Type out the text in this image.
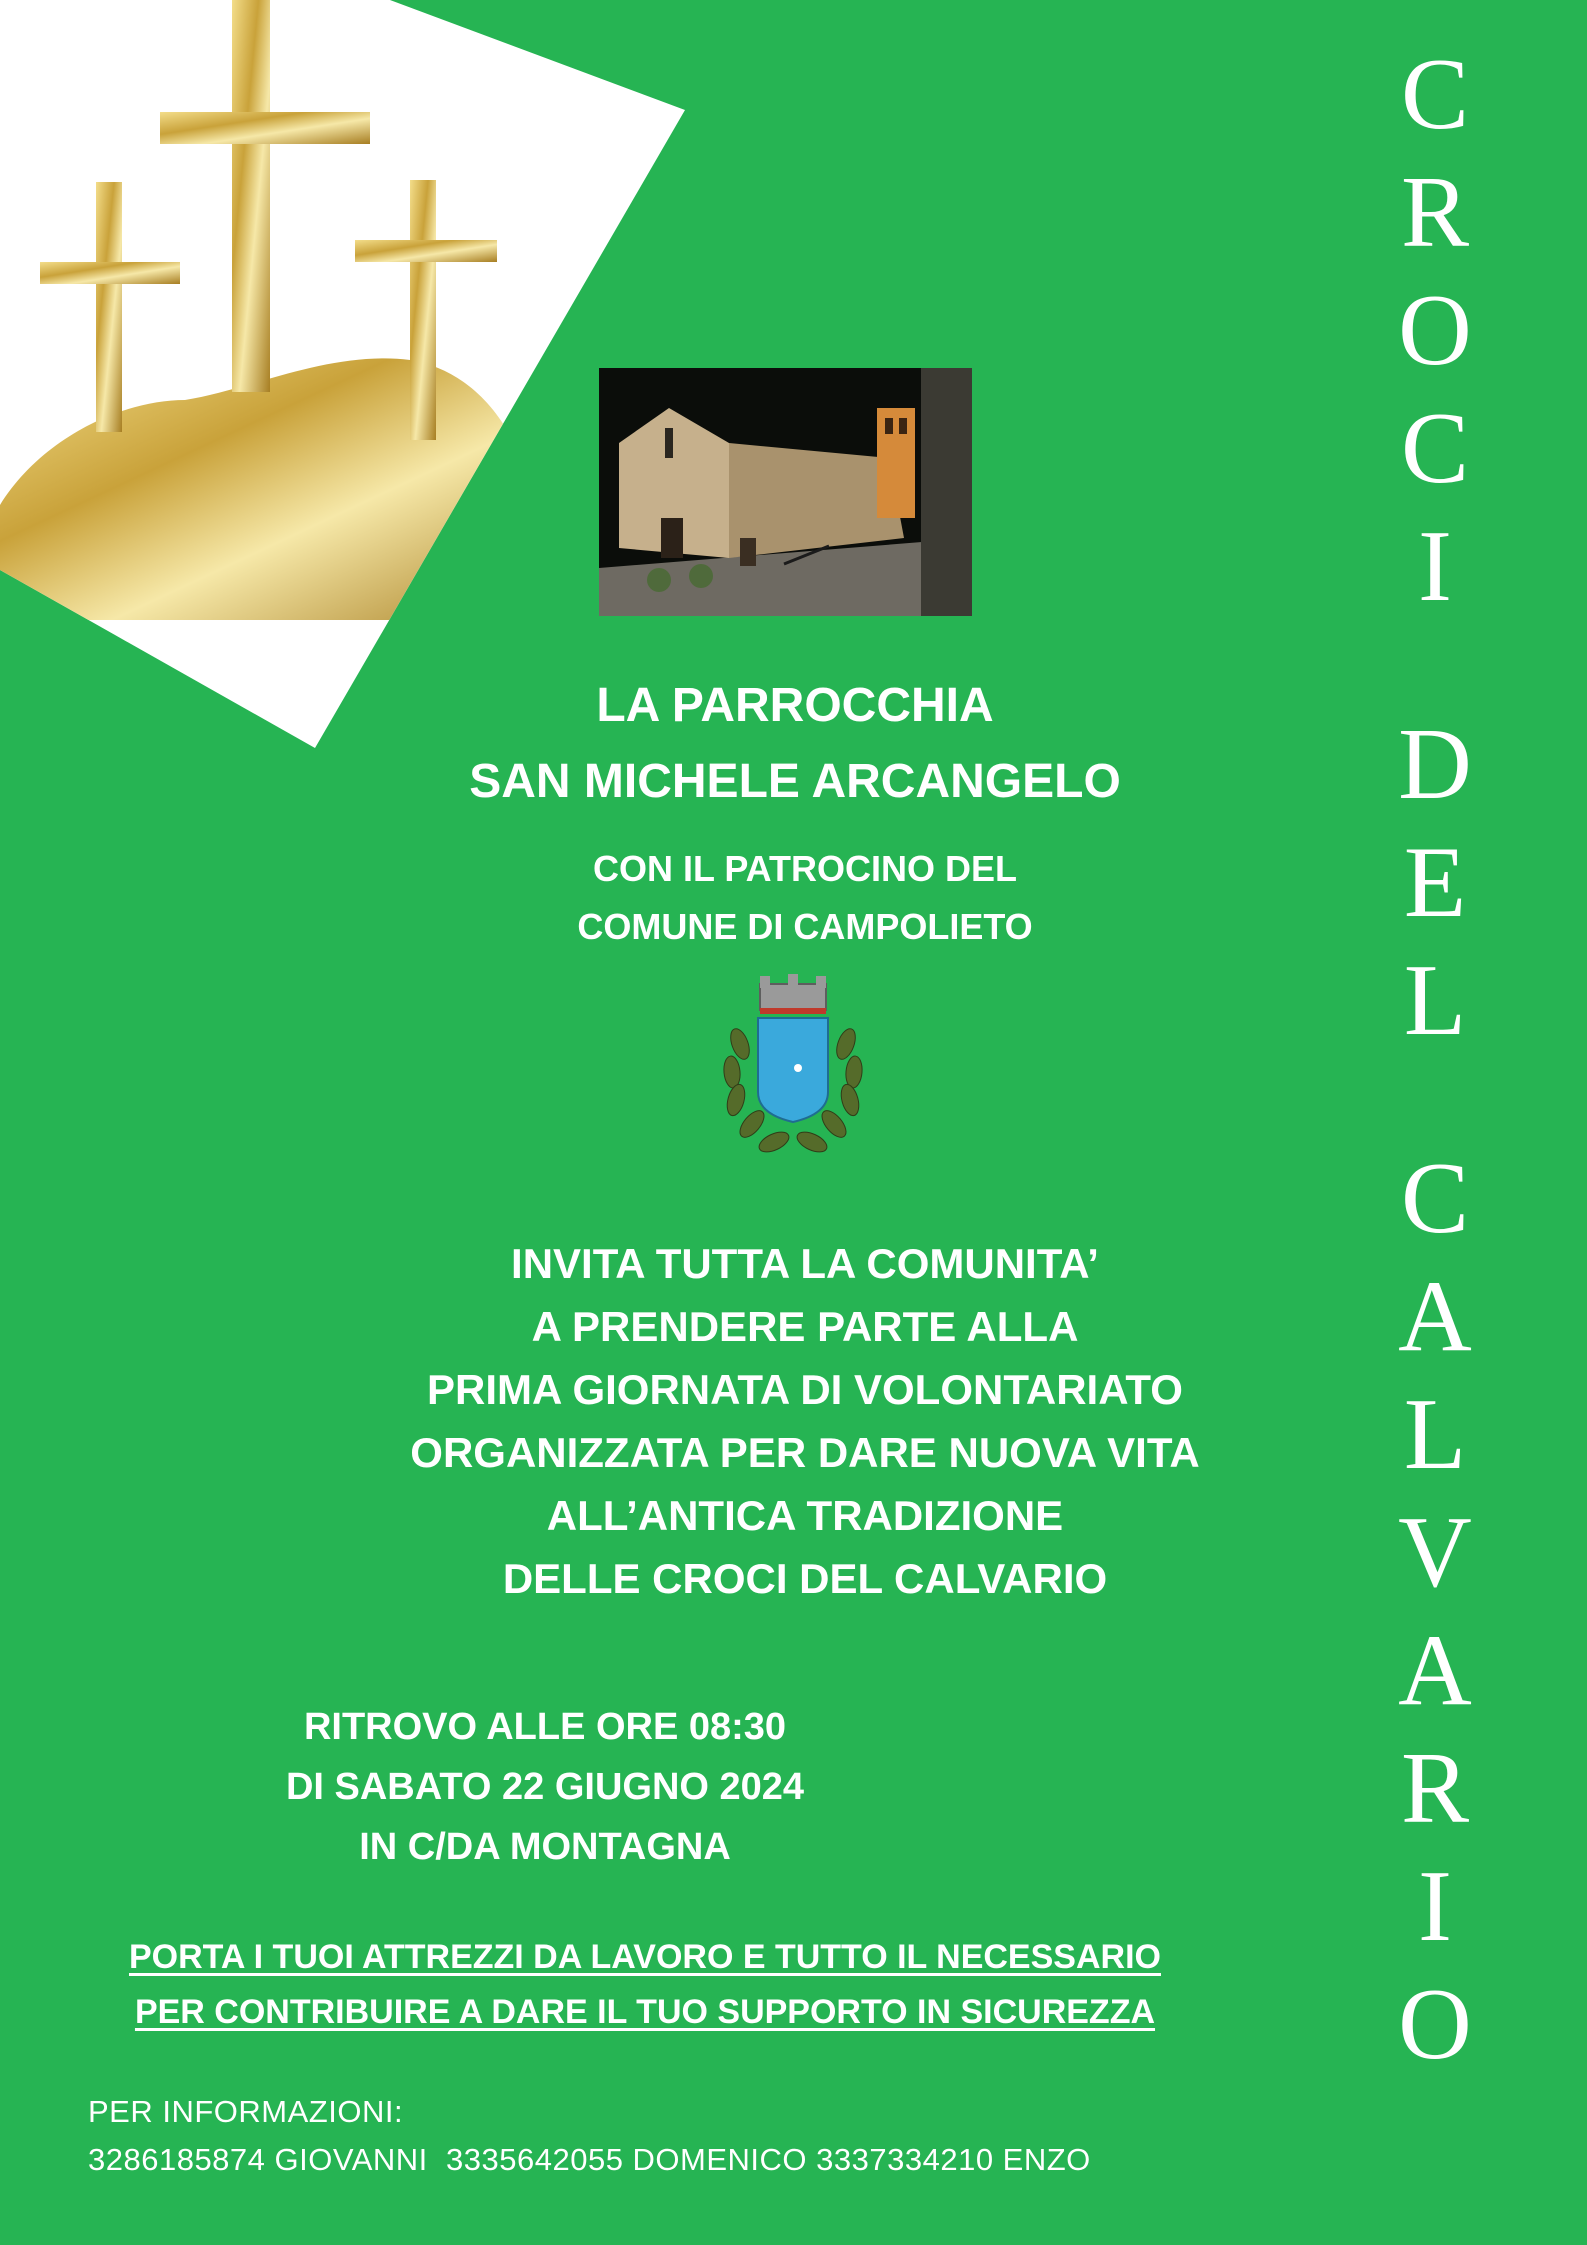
LA PARROCCHIA
SAN MICHELE ARCANGELO
CON IL PATROCINO DEL
COMUNE DI CAMPOLIETO
INVITA TUTTA LA COMUNITA’
A PRENDERE PARTE ALLA
PRIMA GIORNATA DI VOLONTARIATO
ORGANIZZATA PER DARE NUOVA VITA
ALL’ANTICA TRADIZIONE
DELLE CROCI DEL CALVARIO
RITROVO ALLE ORE 08:30
DI SABATO 22 GIUGNO 2024
IN C/DA MONTAGNA
PORTA I TUOI ATTREZZI DA LAVORO E TUTTO IL NECESSARIO
PER CONTRIBUIRE A DARE IL TUO SUPPORTO IN SICUREZZA
PER INFORMAZIONI:
3286185874 GIOVANNI  3335642055 DOMENICO 3337334210 ENZO
C
R
O
C
I
D
E
L
C
A
L
V
A
R
I
O
